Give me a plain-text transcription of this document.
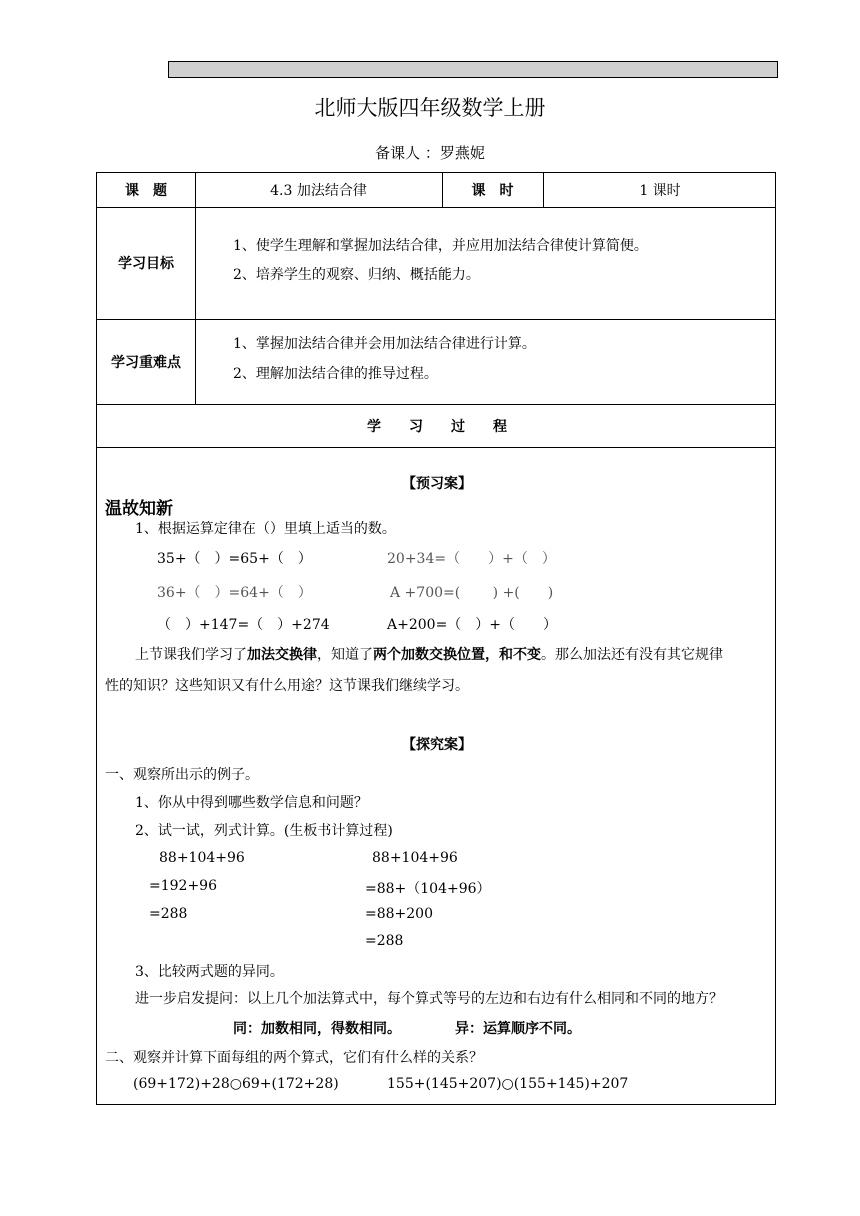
北师大版四年级数学上册
备课人 ：罗燕妮
课　题	4.3 加法结合律	课　时	1 课时
学习目标
1、使学生理解和掌握加法结合律，并应用加法结合律使计算简便。
2、培养学生的观察、归纳、概括能力。
学习重难点
1、掌握加法结合律并会用加法结合律进行计算。
2、理解加法结合律的推导过程。
学　　习　　过　　程
【预习案】
温故知新
1、根据运算定律在（）里填上适当的数。
35+（　）=65+（　）	20+34=（　　）+（　）
36+（　）=64+（　）	A +700=(　　 ) +(　　)
（　）+147=（　）+274	A+200=（　）+（　　）
上节课我们学习了加法交换律，知道了两个加数交换位置，和不变。那么加法还有没有其它规律
性的知识？这些知识又有什么用途？这节课我们继续学习。
【探究案】
一、观察所出示的例子。
1、你从中得到哪些数学信息和问题？
2、试一试，列式计算。(生板书计算过程)
88+104+96
=192+96
=288
88+104+96
=88+（104+96）
=88+200
=288
3、比较两式题的异同。
进一步启发提问：以上几个加法算式中，每个算式等号的左边和右边有什么相同和不同的地方？
同：加数相同，得数相同。	异：运算顺序不同。
二、观察并计算下面每组的两个算式，它们有什么样的关系？
(69+172)+28○69+(172+28)	155+(145+207)○(155+145)+207
